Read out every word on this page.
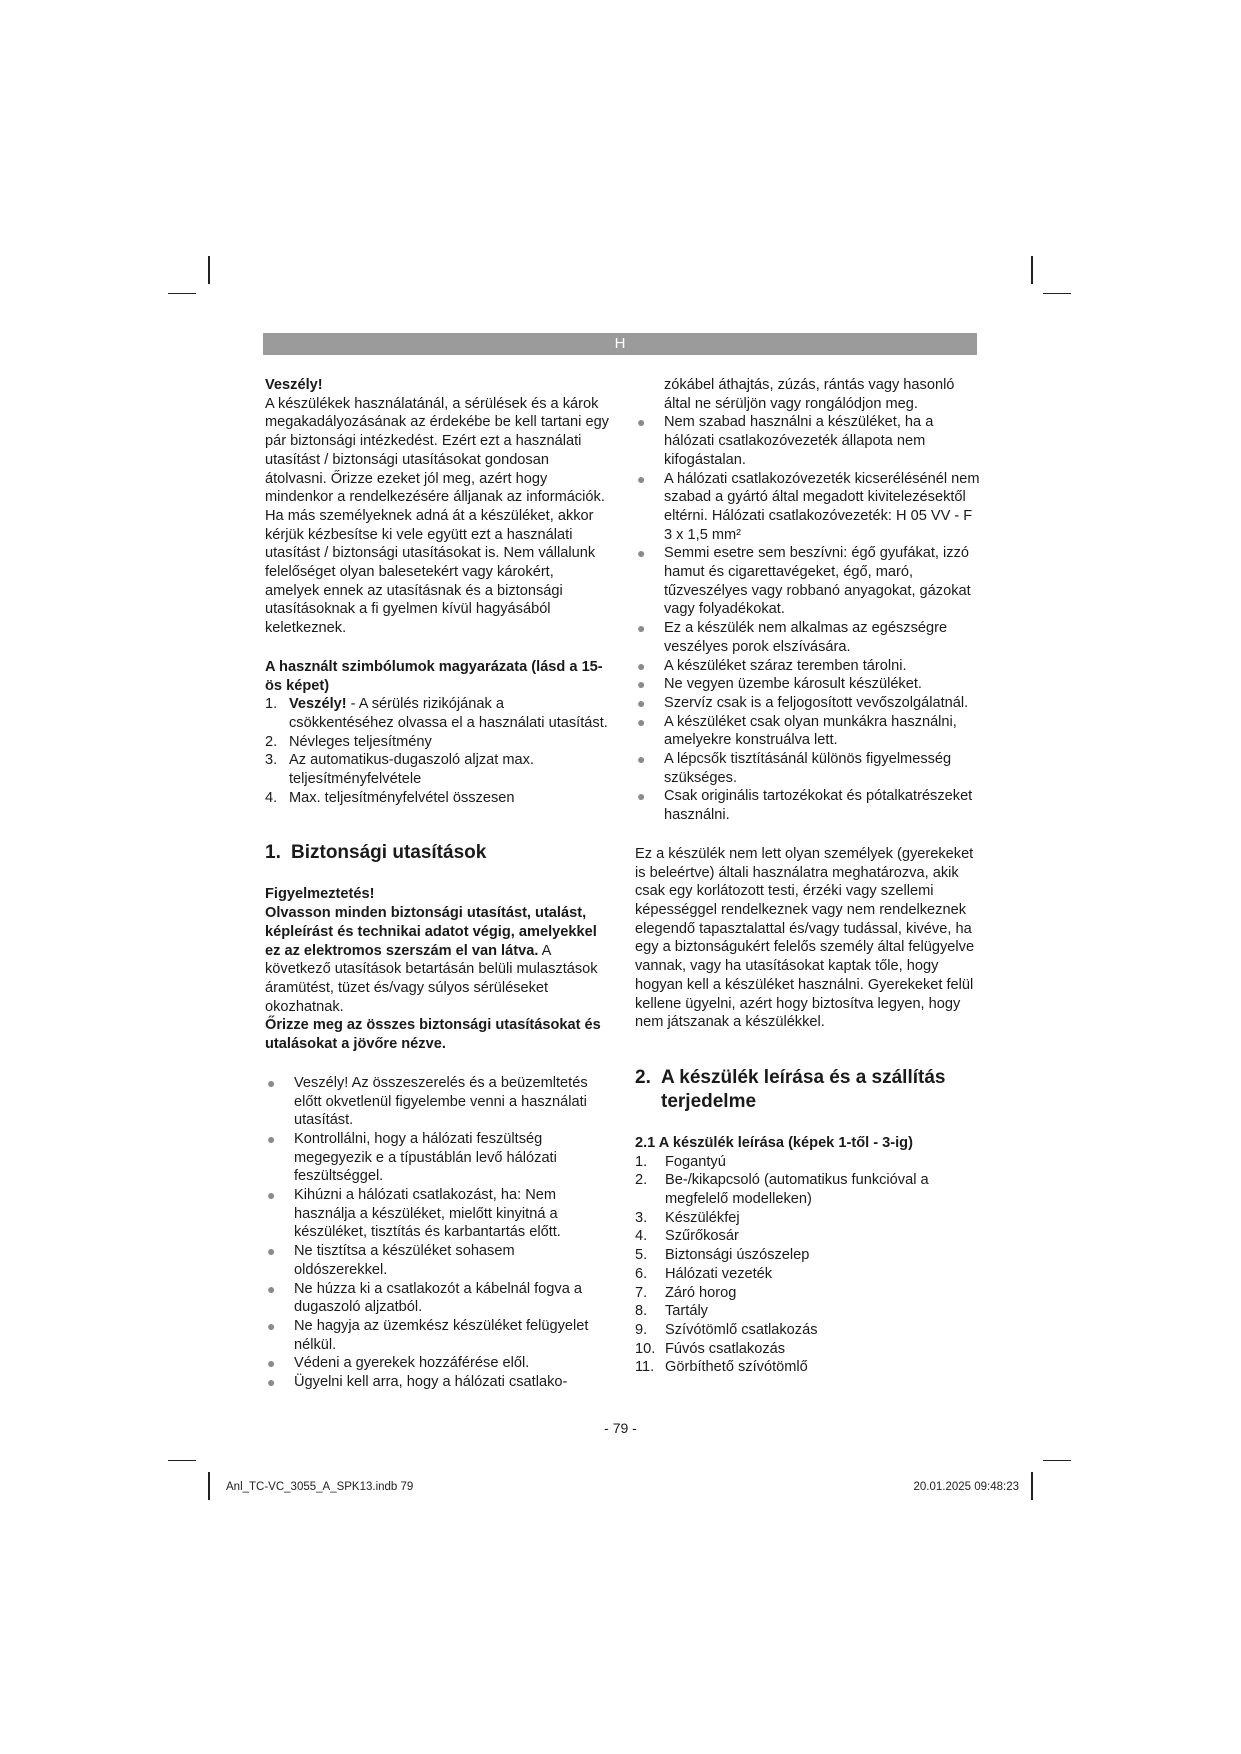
H

Veszély!

A készülékek használatánál, a sérülések és a károk megakadályozásának az érdekébe be kell tartani egy pár biztonsági intézkedést. Ezért ezt a használati utasítást / biztonsági utasításokat gondosan átolvasni. Őrizze ezeket jól meg, azért hogy mindenkor a rendelkezésére álljanak az információk. Ha más személyeknek adná át a készüléket, akkor kérjük kézbesítse ki vele együtt ezt a használati utasítást / biztonsági utasításokat is. Nem vállalunk felelőséget olyan balesetekért vagy károkért, amelyek ennek az utasításnak és a biztonsági utasításoknak a fi gyelmen kívül hagyásából keletkeznek.

A használt szimbólumok magyarázata (lásd a 15-ös képet)

1. Veszély! - A sérülés rizikójának a csökkentéséhez olvassa el a használati utasítást.
2. Névleges teljesítmény
3. Az automatikus-dugaszoló aljzat max. teljesítményfelvétele
4. Max. teljesítményfelvétel összesen
1. Biztonsági utasítások

Figyelmeztetés!

Olvasson minden biztonsági utasítást, utalást, képleírást és technikai adatot végig, amelyekkel ez az elektromos szerszám el van látva. A következő utasítások betartásán belüli mulasztások áramütést, tüzet és/vagy súlyos sérüléseket okozhatnak.

Őrizze meg az összes biztonsági utasításokat és utalásokat a jövőre nézve.

●	Veszély! Az összeszerelés és a beüzemltetés előtt okvetlenül figyelembe venni a használati utasítást.
●	Kontrollálni, hogy a hálózati feszültség megegyezik e a típustáblán levő hálózati feszültséggel.
●	Kihúzni a hálózati csatlakozást, ha: Nem használja a készüléket, mielőtt kinyitná a készüléket, tisztítás és karbantartás előtt.
●	Ne tisztítsa a készüléket sohasem oldószerekkel.
●	Ne húzza ki a csatlakozót a kábelnál fogva a dugaszoló aljzatból.
●	Ne hagyja az üzemkész készüléket felügyelet nélkül.
●	Védeni a gyerekek hozzáférése elől.
●	Ügyelni kell arra, hogy a hálózati csatlako-
zókábel áthajtás, zúzás, rántás vagy hasonló által ne sérüljön vagy rongálódjon meg.
●	Nem szabad használni a készüléket, ha a hálózati csatlakozóvezeték állapota nem kifogástalan.
●	A hálózati csatlakozóvezeték kicserélésénél nem szabad a gyártó által megadott kivitelezésektől eltérni. Hálózati csatlakozóvezeték: H 05 VV - F 3 x 1,5 mm²
●	Semmi esetre sem beszívni: égő gyufákat, izzó hamut és cigarettavégeket, égő, maró, tűzveszélyes vagy robbanó anyagokat, gázokat vagy folyadékokat.
●	Ez a készülék nem alkalmas az egészségre veszélyes porok elszívására.
●	A készüléket száraz teremben tárolni.
●	Ne vegyen üzembe károsult készüléket.
●	Szervíz csak is a feljogosított vevőszolgálatnál.
●	A készüléket csak olyan munkákra használni, amelyekre konstruálva lett.
●	A lépcsők tisztításánál különös figyelmesség szükséges.
●	Csak originális tartozékokat és pótalkatrészeket használni.

Ez a készülék nem lett olyan személyek (gyerekeket is beleértve) általi használatra meghatározva, akik csak egy korlátozott testi, érzéki vagy szellemi képességgel rendelkeznek vagy nem rendelkeznek elegendő tapasztalattal és/vagy tudással, kivéve, ha egy a biztonságukért felelős személy által felügyelve vannak, vagy ha utasításokat kaptak tőle, hogy hogyan kell a készüléket használni. Gyerekeket felül kellene ügyelni, azért hogy biztosítva legyen, hogy nem játszanak a készülékkel.

2. A készülék leírása és a szállítás terjedelme

2.1 A készülék leírása (képek 1-től - 3-ig)

1.	Fogantyú
2.	Be-/kikapcsoló (automatikus funkcióval a megfelelő modelleken)
3.	Készülékfej
4.	Szűrőkosár
5.	Biztonsági úszószelep
6.	Hálózati vezeték
7.	Záró horog
8.	Tartály
9.	Szívótömlő csatlakozás
10. Fúvós csatlakozás
11. Görbíthető szívótömlő
- 79 -
Anl_TC-VC_3055_A_SPK13.indb 79	20.01.2025 09:48:23
